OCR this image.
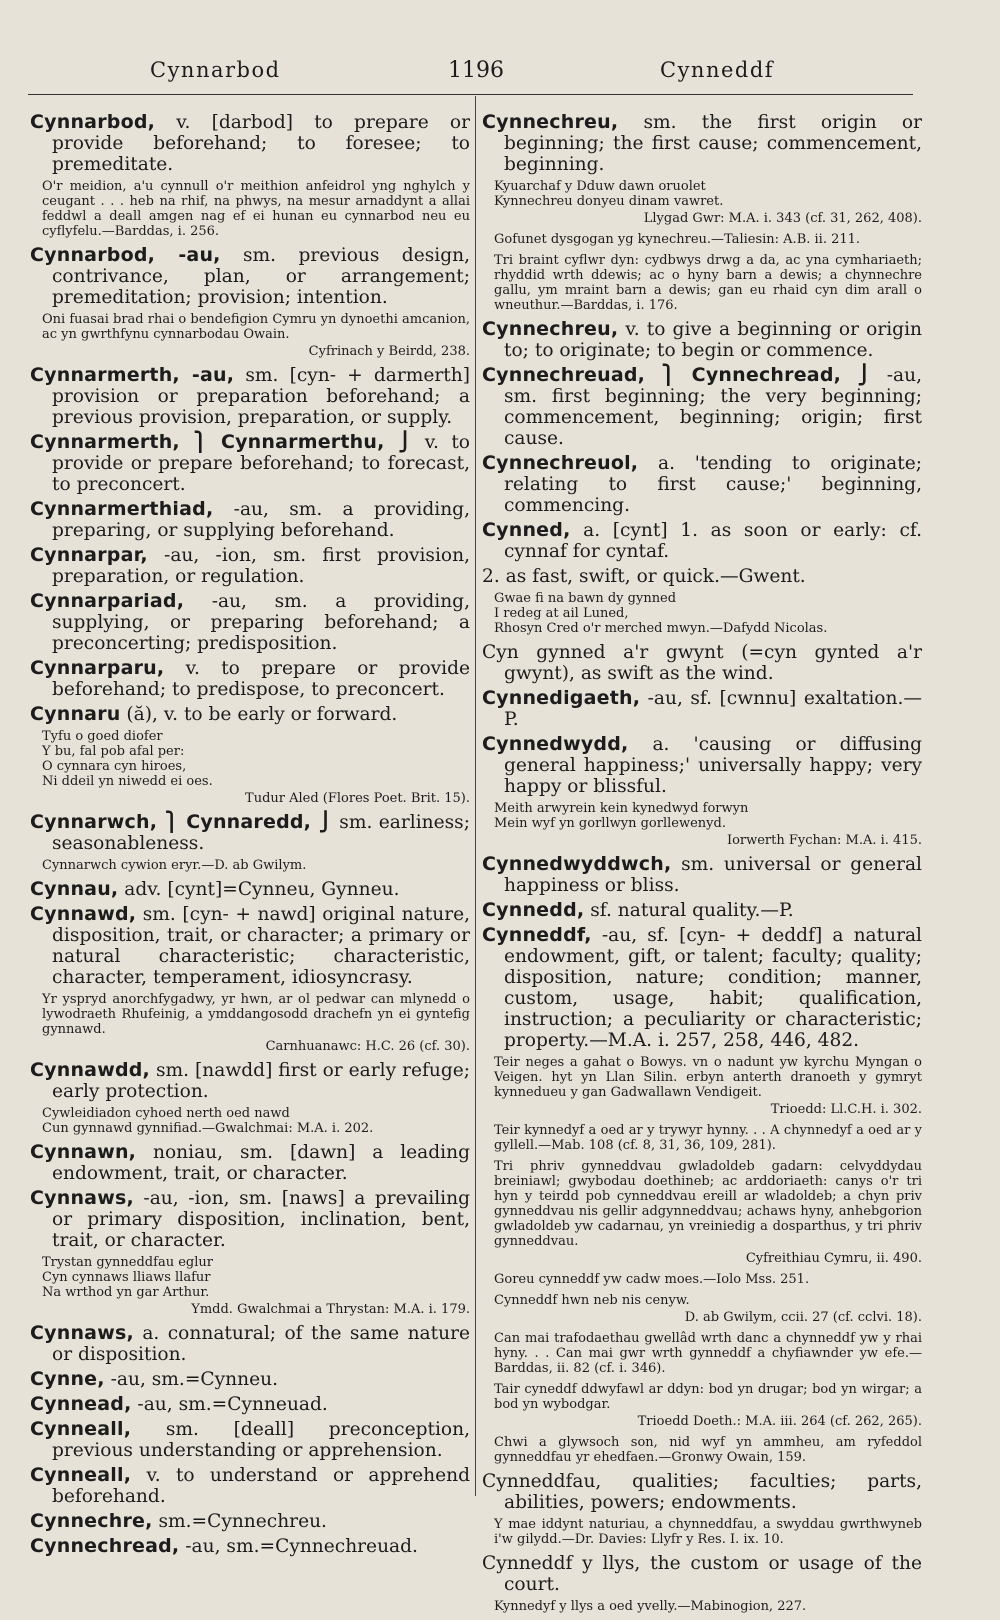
Cynnarbod	1196	Cynneddf
Cynnarbod, v. [darbod] to prepare or provide beforehand; to foresee; to premeditate.
O'r meidion, a'u cynnull o'r meithion anfeidrol yng nghylch y ceugant . . . heb na rhif, na phwys, na mesur arnaddynt a allai feddwl a deall amgen nag ef ei hunan eu cynnarbod neu eu cyflyfelu.—Barddas, i. 256.
Cynnarbod, -au, sm. previous design, contrivance, plan, or arrangement; premeditation; provision; intention.
Oni fuasai brad rhai o bendefigion Cymru yn dynoethi amcanion, ac yn gwrthfynu cynnarbodau Owain.
Cyfrinach y Beirdd, 238.
Cynnarmerth, -au, sm. [cyn- + darmerth] provision or preparation beforehand; a previous provision, preparation, or supply.
Cynnarmerth, ⎫ Cynnarmerthu, ⎭ v. to provide or prepare beforehand; to forecast, to preconcert.
Cynnarmerthiad, -au, sm. a providing, preparing, or supplying beforehand.
Cynnarpar, -au, -ion, sm. first provision, preparation, or regulation.
Cynnarpariad, -au, sm. a providing, supplying, or preparing beforehand; a preconcerting; predisposition.
Cynnarparu, v. to prepare or provide beforehand; to predispose, to preconcert.
Cynnaru (ă), v. to be early or forward.
Tyfu o goed diofer
Y bu, fal pob afal per:
O cynnara cyn hiroes,
Ni ddeil yn niwedd ei oes.
Tudur Aled (Flores Poet. Brit. 15).
Cynnarwch, ⎫ Cynnaredd, ⎭ sm. earliness; seasonableness.
Cynnarwch cywion eryr.—D. ab Gwilym.
Cynnau, adv. [cynt]=Cynneu, Gynneu.
Cynnawd, sm. [cyn- + nawd] original nature, disposition, trait, or character; a primary or natural characteristic; characteristic, character, temperament, idiosyncrasy.
Yr yspryd anorchfygadwy, yr hwn, ar ol pedwar can mlynedd o lywodraeth Rhufeinig, a ymddangosodd drachefn yn ei gyntefig gynnawd.
Carnhuanawc: H.C. 26 (cf. 30).
Cynnawdd, sm. [nawdd] first or early refuge; early protection.
Cywleidiadon cyhoed nerth oed nawd
Cun gynnawd gynnifiad.—Gwalchmai: M.A. i. 202.
Cynnawn, noniau, sm. [dawn] a leading endowment, trait, or character.
Cynnaws, -au, -ion, sm. [naws] a prevailing or primary disposition, inclination, bent, trait, or character.
Trystan gynneddfau eglur
Cyn cynnaws lliaws llafur
Na wrthod yn gar Arthur.
Ymdd. Gwalchmai a Thrystan: M.A. i. 179.
Cynnaws, a. connatural; of the same nature or disposition.
Cynne, -au, sm.=Cynneu.
Cynnead, -au, sm.=Cynneuad.
Cynneall, sm. [deall] preconception, previous understanding or apprehension.
Cynneall, v. to understand or apprehend beforehand.
Cynnechre, sm.=Cynnechreu.
Cynnechread, -au, sm.=Cynnechreuad.
Cynnechreu, sm. the first origin or beginning; the first cause; commencement, beginning.
Kyuarchaf y Dduw dawn oruolet
Kynnechreu donyeu dinam vawret.
Llygad Gwr: M.A. i. 343 (cf. 31, 262, 408).
Gofunet dysgogan yg kynechreu.—Taliesin: A.B. ii. 211.
Tri braint cyflwr dyn: cydbwys drwg a da, ac yna cymhariaeth; rhyddid wrth ddewis; ac o hyny barn a dewis; a chynnechre gallu, ym mraint barn a dewis; gan eu rhaid cyn dim arall o wneuthur.—Barddas, i. 176.
Cynnechreu, v. to give a beginning or origin to; to originate; to begin or commence.
Cynnechreuad, ⎫ Cynnechread, ⎭ -au, sm. first beginning; the very beginning; commencement, beginning; origin; first cause.
Cynnechreuol, a. 'tending to originate; relating to first cause;' beginning, commencing.
Cynned, a. [cynt] 1. as soon or early: cf. cynnaf for cyntaf.
2. as fast, swift, or quick.—Gwent.
Gwae fi na bawn dy gynned
I redeg at ail Luned,
Rhosyn Cred o'r merched mwyn.—Dafydd Nicolas.
Cyn gynned a'r gwynt (=cyn gynted a'r gwynt), as swift as the wind.
Cynnedigaeth, -au, sf. [cwnnu] exaltation.—P.
Cynnedwydd, a. 'causing or diffusing general happiness;' universally happy; very happy or blissful.
Meith arwyrein kein kynedwyd forwyn
Mein wyf yn gorllwyn gorllewenyd.
Iorwerth Fychan: M.A. i. 415.
Cynnedwyddwch, sm. universal or general happiness or bliss.
Cynnedd, sf. natural quality.—P.
Cynneddf, -au, sf. [cyn- + deddf] a natural endowment, gift, or talent; faculty; quality; disposition, nature; condition; manner, custom, usage, habit; qualification, instruction; a peculiarity or characteristic; property.—M.A. i. 257, 258, 446, 482.
Teir neges a gahat o Bowys. vn o nadunt yw kyrchu Myngan o Veigen. hyt yn Llan Silin. erbyn anterth dranoeth y gymryt kynnedueu y gan Gadwallawn Vendigeit.
Trioedd: Ll.C.H. i. 302.
Teir kynnedyf a oed ar y trywyr hynny. . . A chynnedyf a oed ar y gyllell.—Mab. 108 (cf. 8, 31, 36, 109, 281).
Tri phriv gynneddvau gwladoldeb gadarn: celvyddydau breiniawl; gwybodau doethineb; ac arddoriaeth: canys o'r tri hyn y teirdd pob cynneddvau ereill ar wladoldeb; a chyn priv gynneddvau nis gellir adgynneddvau; achaws hyny, anhebgorion gwladoldeb yw cadarnau, yn vreiniedig a dosparthus, y tri phriv gynneddvau.
Cyfreithiau Cymru, ii. 490.
Goreu cynneddf yw cadw moes.—Iolo Mss. 251.
Cynneddf hwn neb nis cenyw.
D. ab Gwilym, ccii. 27 (cf. cclvi. 18).
Can mai trafodaethau gwellâd wrth danc a chynneddf yw y rhai hyny. . . Can mai gwr wrth gynneddf a chyfiawnder yw efe.—Barddas, ii. 82 (cf. i. 346).
Tair cyneddf ddwyfawl ar ddyn: bod yn drugar; bod yn wirgar; a bod yn wybodgar.
Trioedd Doeth.: M.A. iii. 264 (cf. 262, 265).
Chwi a glywsoch son, nid wyf yn ammheu, am ryfeddol gynneddfau yr ehedfaen.—Gronwy Owain, 159.
Cynneddfau, qualities; faculties; parts, abilities, powers; endowments.
Y mae iddynt naturiau, a chynneddfau, a swyddau gwrthwyneb i'w gilydd.—Dr. Davies: Llyfr y Res. I. ix. 10.
Cynneddf y llys, the custom or usage of the court.
Kynnedyf y llys a oed yvelly.—Mabinogion, 227.
